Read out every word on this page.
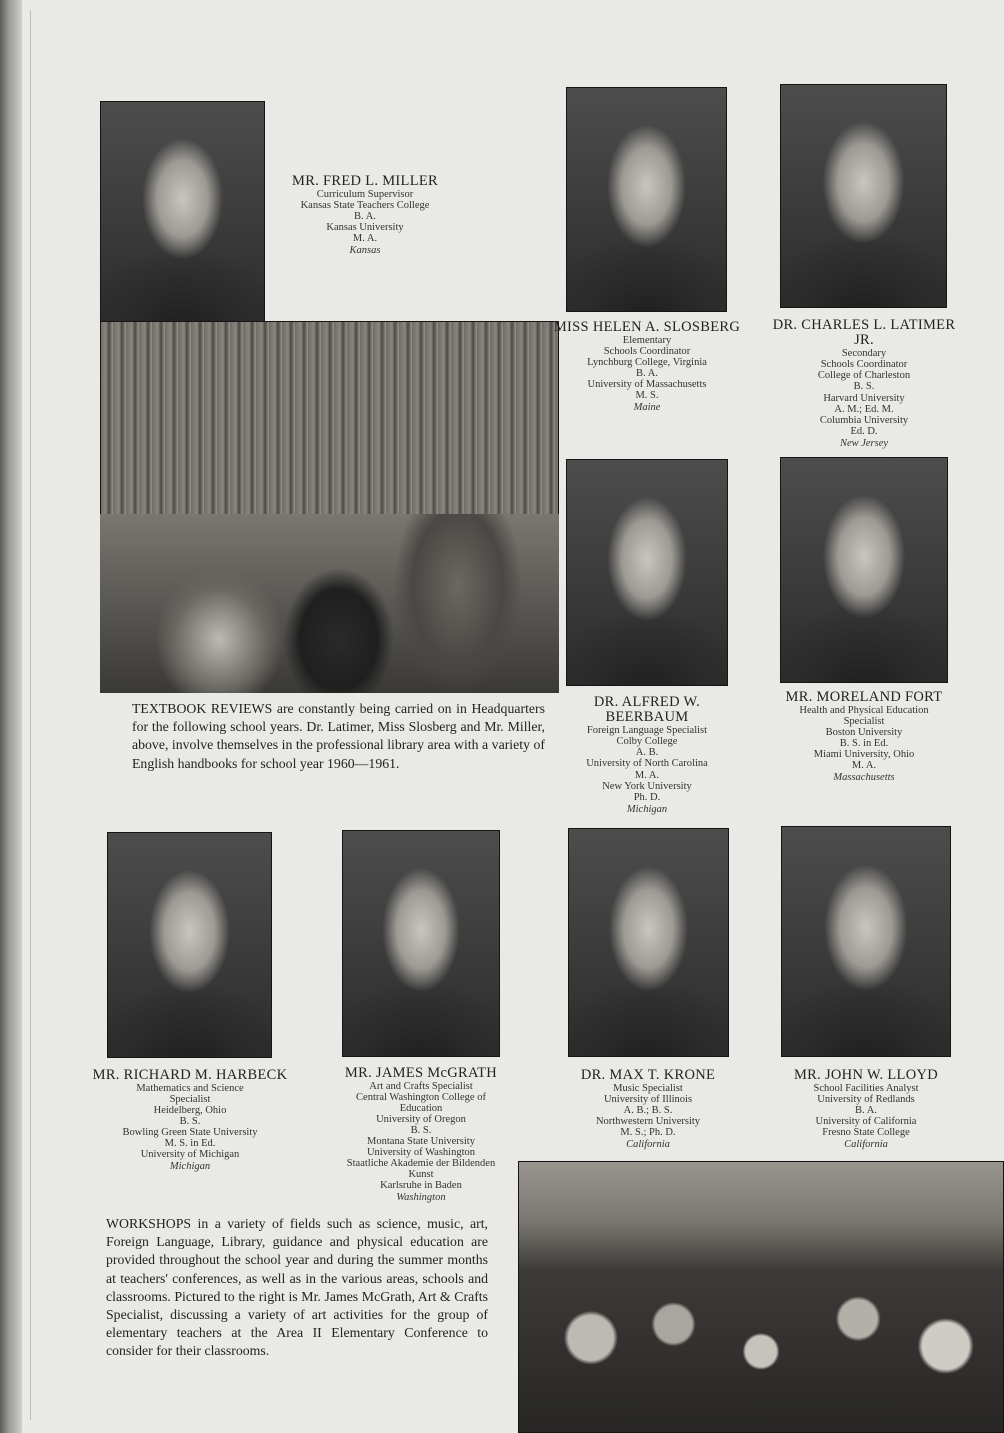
MR. FRED L. MILLER
Curriculum Supervisor
Kansas State Teachers College
B. A.
Kansas University
M. A.
Kansas
MISS HELEN A. SLOSBERG
Elementary
Schools Coordinator
Lynchburg College, Virginia
B. A.
University of Massachusetts
M. S.
Maine
DR. CHARLES L. LATIMER JR.
Secondary
Schools Coordinator
College of Charleston
B. S.
Harvard University
A. M.; Ed. M.
Columbia University
Ed. D.
New Jersey
DR. ALFRED W. BEERBAUM
Foreign Language Specialist
Colby College
A. B.
University of North Carolina
M. A.
New York University
Ph. D.
Michigan
MR. MORELAND FORT
Health and Physical Education
Specialist
Boston University
B. S. in Ed.
Miami University, Ohio
M. A.
Massachusetts
MR. RICHARD M. HARBECK
Mathematics and Science
Specialist
Heidelberg, Ohio
B. S.
Bowling Green State University
M. S. in Ed.
University of Michigan
Michigan
MR. JAMES McGRATH
Art and Crafts Specialist
Central Washington College of
Education
University of Oregon
B. S.
Montana State University
University of Washington
Staatliche Akademie der Bildenden
Kunst
Karlsruhe in Baden
Washington
DR. MAX T. KRONE
Music Specialist
University of Illinois
A. B.; B. S.
Northwestern University
M. S.; Ph. D.
California
MR. JOHN W. LLOYD
School Facilities Analyst
University of Redlands
B. A.
University of California
Fresno State College
California

TEXTBOOK REVIEWS are constantly being carried on in Headquarters for the following school years. Dr. Latimer, Miss Slosberg and Mr. Miller, above, involve themselves in the professional library area with a variety of English handbooks for school year 1960—1961.

WORKSHOPS in a variety of fields such as science, music, art, Foreign Language, Library, guidance and physical education are provided throughout the school year and during the summer months at teachers' conferences, as well as in the various areas, schools and classrooms. Pictured to the right is Mr. James McGrath, Art & Crafts Specialist, discussing a variety of art activities for the group of elementary teachers at the Area II Elementary Conference to consider for their classrooms.
